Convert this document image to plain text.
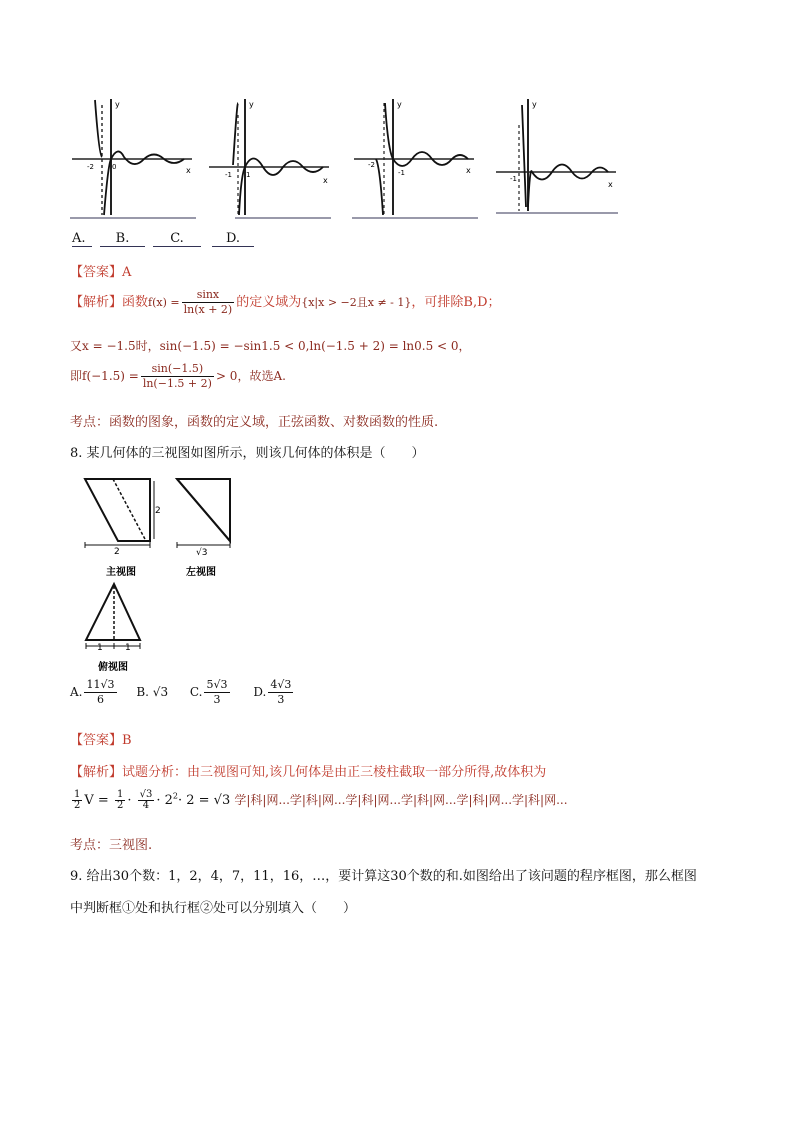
y
x
-2	0
y
x
-1 1
y
x
-2
-1
y
x
-1
A.	B.	C.	D.
【答案】A
【解析】函数$f(x) = \frac{\sin x}{\ln(x + 2)}$ 的定义域为{x|x > −2且x ≠ - 1}，可排除B,D；
又x = −1.5时，sin(−1.5) = −sin1.5 < 0,ln(−1.5 + 2) = ln0.5 < 0，
即$f(-1.5) = \frac{\sin(-1.5)}{\ln(-1.5 + 2)} > 0$，故选A.
考点：函数的图象，函数的定义域，正弦函数、对数函数的性质.
8. 某几何体的三视图如图所示，则该几何体的体积是（　　）
2
2
主视图
√3
左视图
1 1
俯视图
A. $\frac{11√3}{6} B$. √3 C. $\frac{5√3}{3} D$. $\frac{4√3}{3}$
【答案】B
【解析】试题分析：由三视图可知,该几何体是由正三棱柱截取一部分所得,故体积为
$\frac{1}{2}$ $V = \frac{1}{2} \cdot \frac{√3}{4} \cdot 2^2\cdot 2 = √3$ 学|科|网...学|科|网...学|科|网...学|科|网...学|科|网...学|科|网...
考点：三视图.
9. 给出30个数：1，2，4，7，11，16，…，要计算这30个数的和.如图给出了该问题的程序框图，那么框图
中判断框①处和执行框②处可以分别填入（　　）
